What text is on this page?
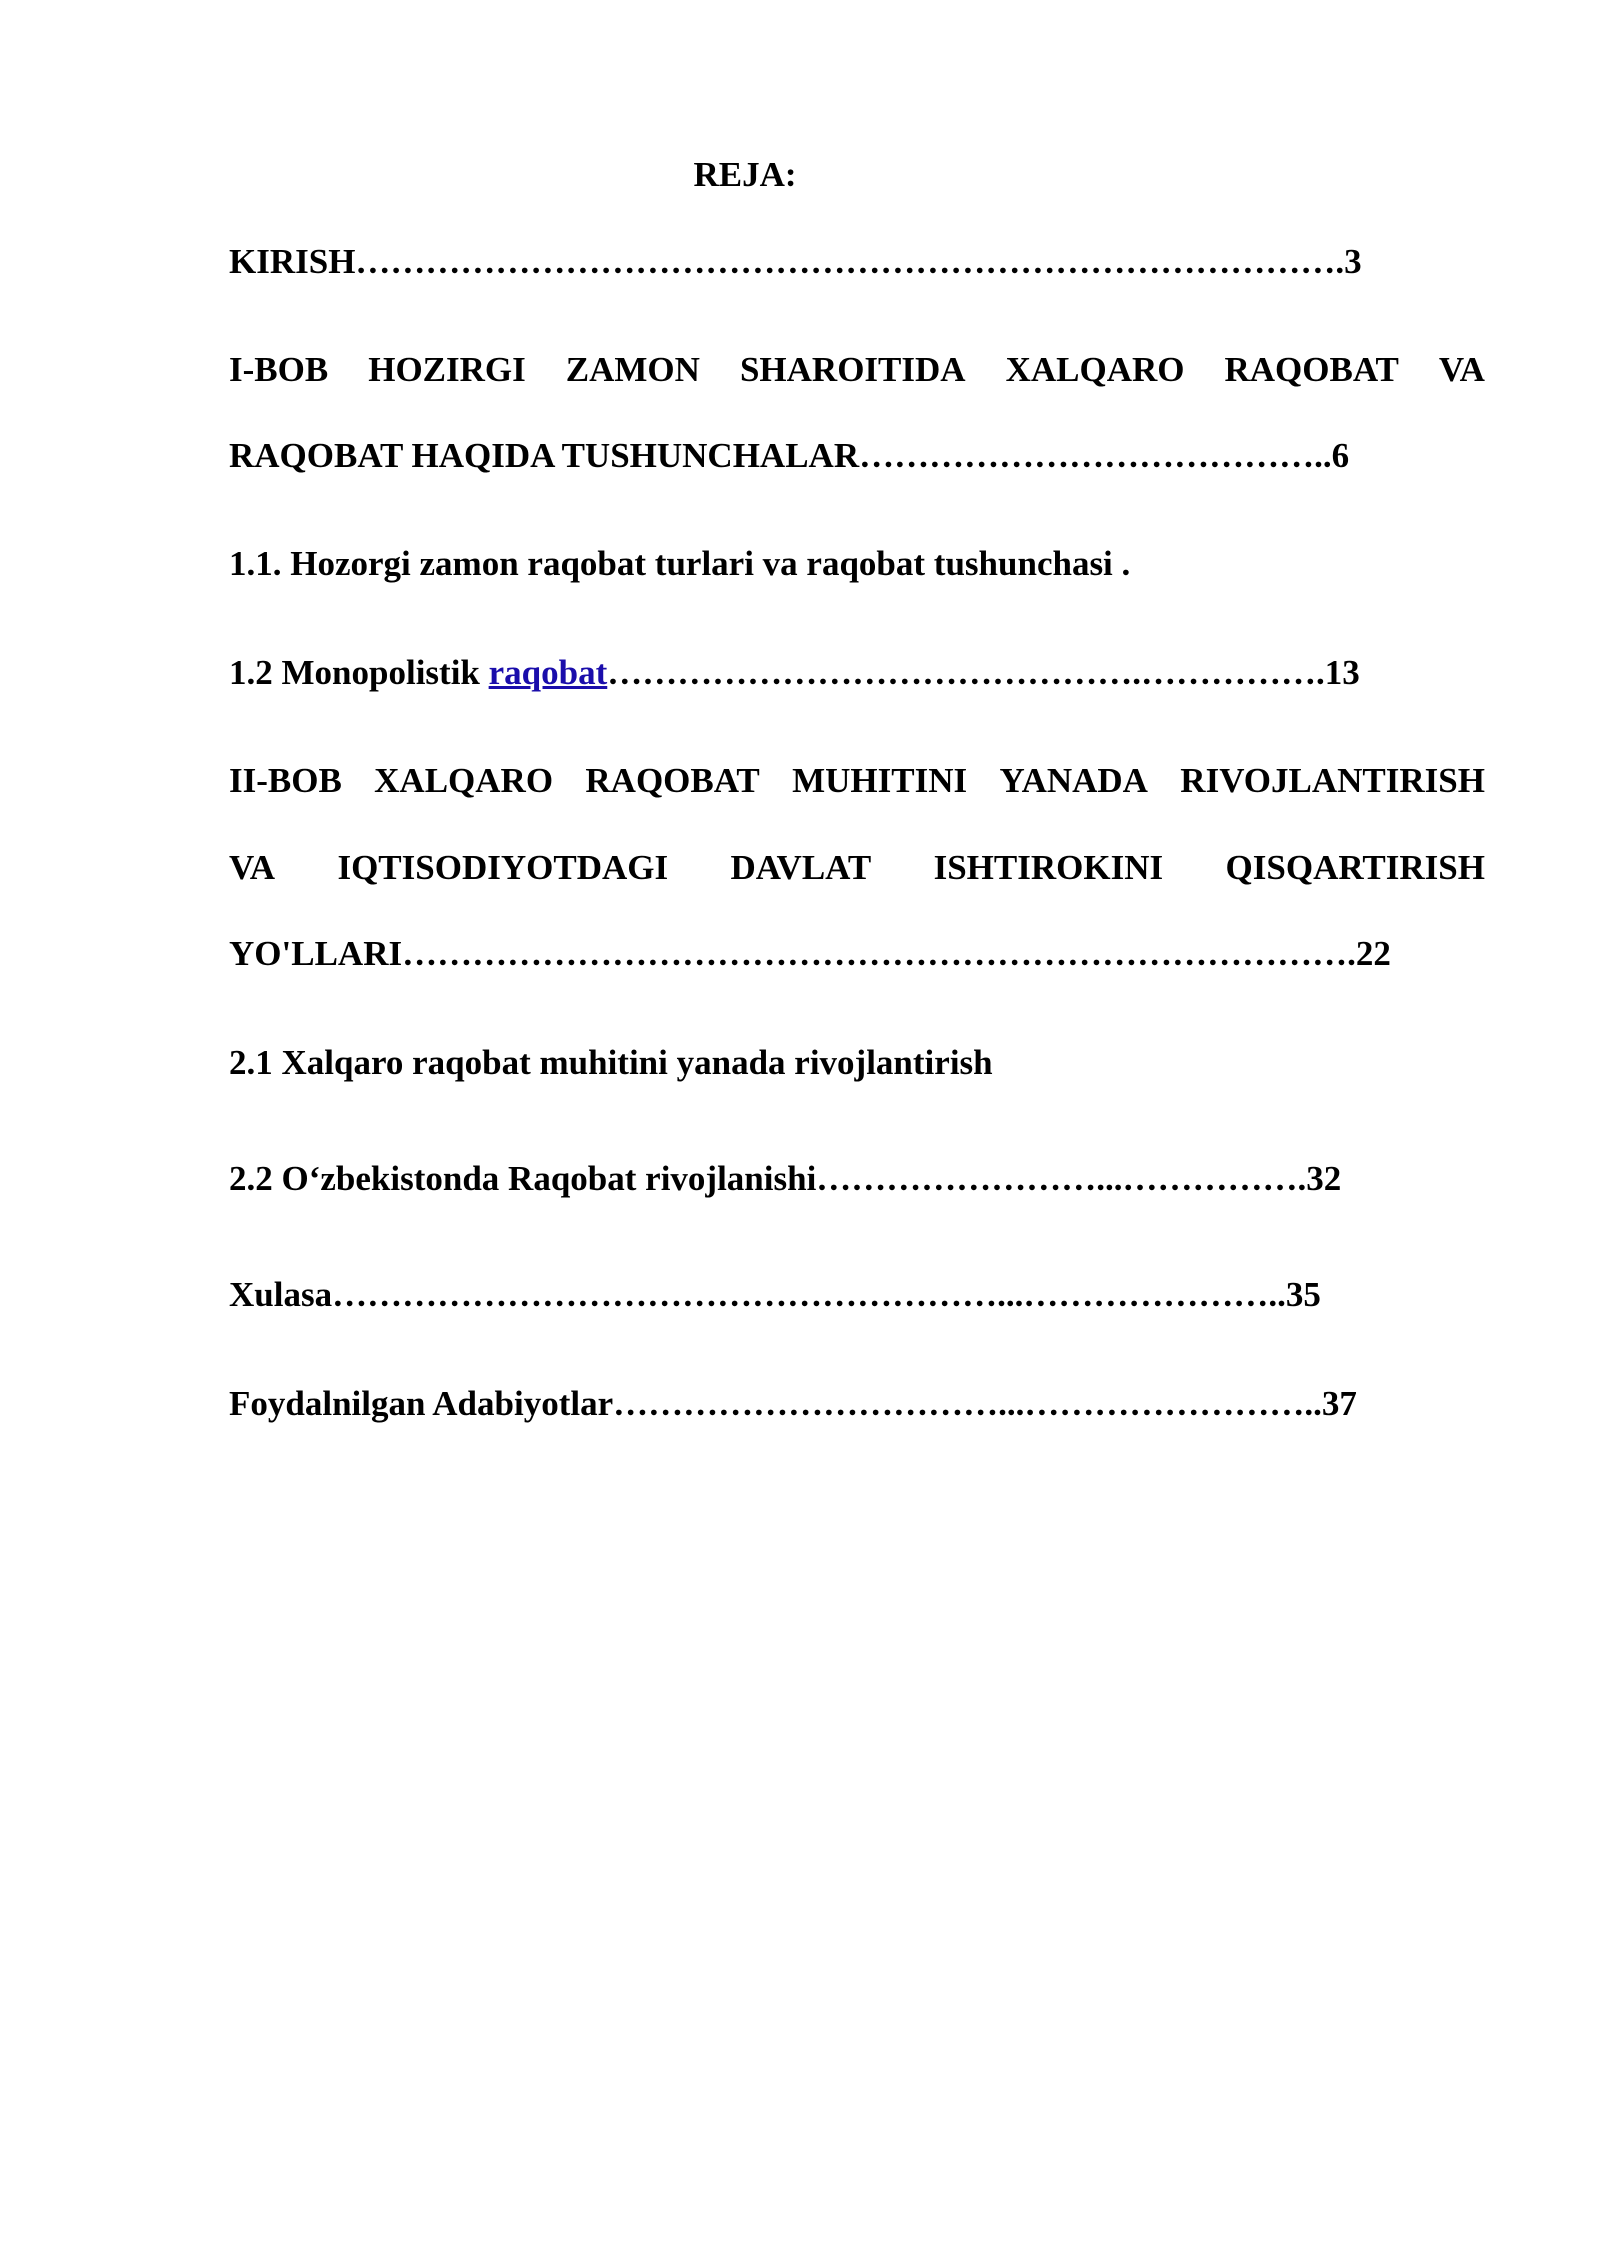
REJA:
KIRISH………………………………………………………………………….3
I-BOB HOZIRGI ZAMON SHAROITIDA XALQARO RAQOBAT VA
RAQOBAT HAQIDA TUSHUNCHALAR…………………………………..6
1.1. Hozorgi zamon raqobat turlari va raqobat tushunchasi .
1.2 Monopolistik raqobat……………………………………….…………….13
II-BOB XALQARO RAQOBAT MUHITINI YANADA RIVOJLANTIRISH
VA IQTISODIYOTDAGI DAVLAT ISHTIROKINI QISQARTIRISH
YO'LLARI……………………………………………………………………….22
2.1 Xalqaro raqobat muhitini yanada rivojlantirish
2.2 O‘zbekistonda Raqobat rivojlanishi……………………...…………….32
Xulasa…………………………………………………...…………………..35
Foydalnilgan Adabiyotlar……………………………...……………………..37
